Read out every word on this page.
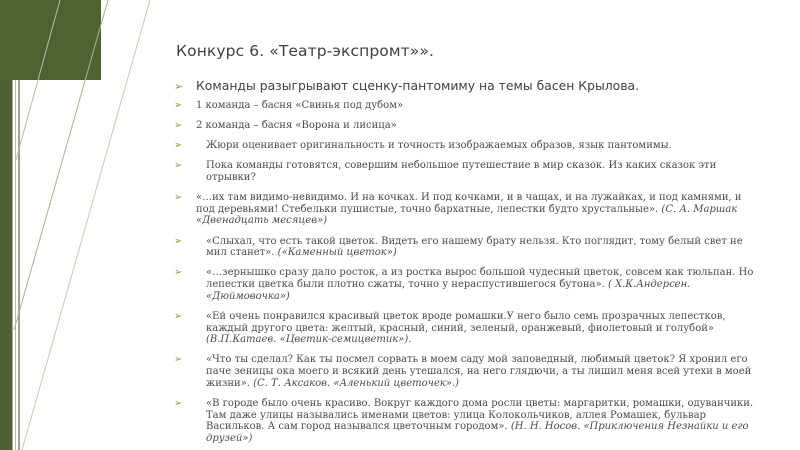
Конкурс 6. «Театр-экспромт»».
➢ Команды разыгрывают сценку-пантомиму на темы басен Крылова.
➢ 1 команда – басня «Свинья под дубом»
➢ 2 команда – басня «Ворона и лисица»
➢	Жюри оценивает оригинальность и точность изображаемых образов, язык пантомимы.
➢	Пока команды готовятся, совершим небольшое путешествие в мир сказок. Из каких сказок эти отрывки?
➢ «…их там видимо-невидимо. И на кочках. И под кочками, и в чащах, и на лужайках, и под камнями, и под деревьями! Стебельки пушистые, точно бархатные, лепестки будто хрустальные». (С. А. Маршак «Двенадцать месяцев»)
➢	«Слыхал, что есть такой цветок. Видеть его нашему брату нельзя. Кто поглядит, тому белый свет не мил станет». («Каменный цветок»)
➢	«…зернышко сразу дало росток, а из ростка вырос большой чудесный цветок, совсем как тюльпан. Но лепестки цветка были плотно сжаты, точно у нераспустившегося бутона». ( Х.К.Андерсен. «Дюймовочка»)
➢	«Ей очень понравился красивый цветок вроде ромашки.У него было семь прозрачных лепестков, каждый другого цвета: желтый, красный, синий, зеленый, оранжевый, фиолетовый и голубой» (В.П.Катаев. «Цветик-семицветик»).
➢	«Что ты сделал? Как ты посмел сорвать в моем саду мой заповедный, любимый цветок? Я хронил его паче зеницы ока моего и всякий день утешался, на него глядючи, а ты лишил меня всей утехи в моей жизни». (С. Т. Аксаков. «Аленький цветочек».)
➢	«В городе было очень красиво. Вокруг каждого дома росли цветы: маргаритки, ромашки, одуванчики. Там даже улицы назывались именами цветов: улица Колокольчиков, аллея Ромашек, бульвар Васильков. А сам город назывался цветочным городом». (Н. Н. Носов. «Приключения Незнайки и его друзей»)
